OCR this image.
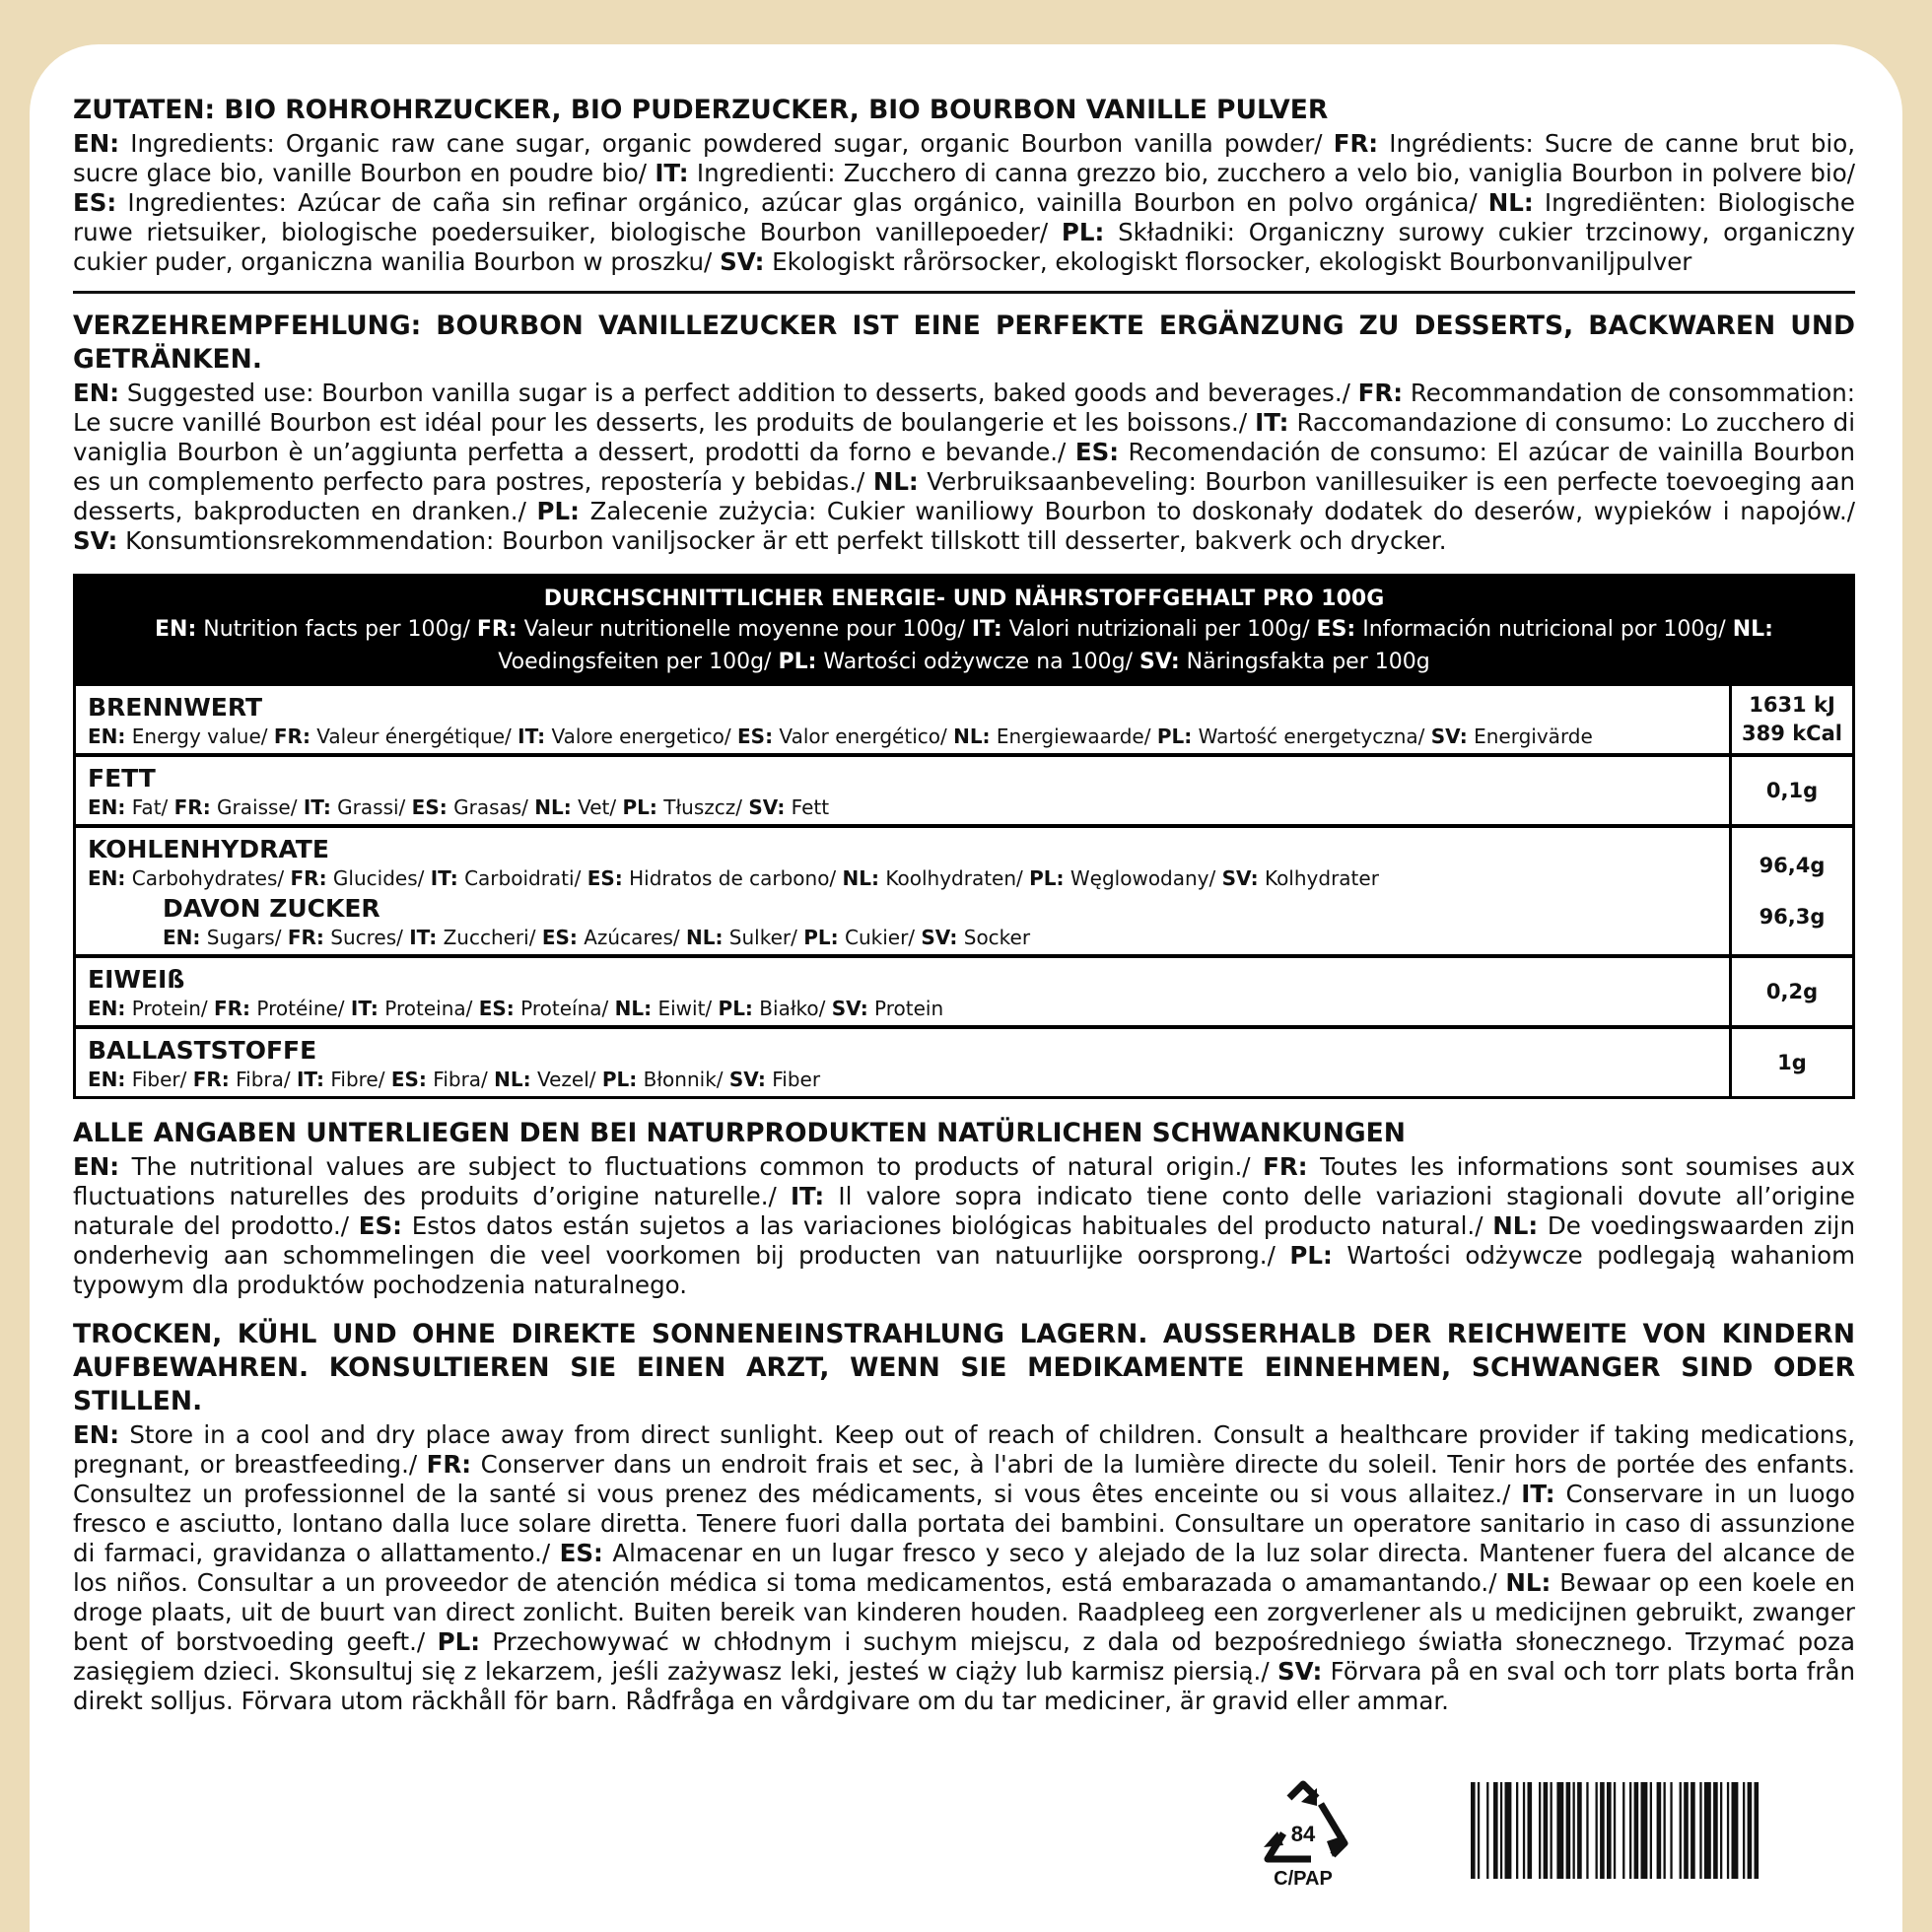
ZUTATEN: BIO ROHROHRZUCKER, BIO PUDERZUCKER, BIO BOURBON VANILLE PULVER
EN: Ingredients: Organic raw cane sugar, organic powdered sugar, organic Bourbon vanilla powder/ FR: Ingrédients: Sucre de canne brut bio, sucre glace bio, vanille Bourbon en poudre bio/ IT: Ingredienti: Zucchero di canna grezzo bio, zucchero a velo bio, vaniglia Bourbon in polvere bio/ ES: Ingredientes: Azúcar de caña sin refinar orgánico, azúcar glas orgánico, vainilla Bourbon en polvo orgánica/ NL: Ingrediënten: Biologische ruwe rietsuiker, biologische poedersuiker, biologische Bourbon vanillepoeder/ PL: Składniki: Organiczny surowy cukier trzcinowy, organiczny cukier puder, organiczna wanilia Bourbon w proszku/ SV: Ekologiskt rårörsocker, ekologiskt florsocker, ekologiskt Bourbonvaniljpulver
VERZEHREMPFEHLUNG: BOURBON VANILLEZUCKER IST EINE PERFEKTE ERGÄNZUNG ZU DESSERTS, BACKWAREN UND GETRÄNKEN.
EN: Suggested use: Bourbon vanilla sugar is a perfect addition to desserts, baked goods and beverages./ FR: Recommandation de consommation: Le sucre vanillé Bourbon est idéal pour les desserts, les produits de boulangerie et les boissons./ IT: Raccomandazione di consumo: Lo zucchero di vaniglia Bourbon è un’aggiunta perfetta a dessert, prodotti da forno e bevande./ ES: Recomendación de consumo: El azúcar de vainilla Bourbon es un complemento perfecto para postres, repostería y bebidas./ NL: Verbruiksaanbeveling: Bourbon vanillesuiker is een perfecte toevoeging aan desserts, bakproducten en dranken./ PL: Zalecenie zużycia: Cukier waniliowy Bourbon to doskonały dodatek do deserów, wypieków i napojów./ SV: Konsumtionsrekommendation: Bourbon vaniljsocker är ett perfekt tillskott till desserter, bakverk och drycker.
DURCHSCHNITTLICHER ENERGIE- UND NÄHRSTOFFGEHALT PRO 100G
EN: Nutrition facts per 100g/ FR: Valeur nutritionelle moyenne pour 100g/ IT: Valori nutrizionali per 100g/ ES: Información nutricional por 100g/ NL: Voedingsfeiten per 100g/ PL: Wartości odżywcze na 100g/ SV: Näringsfakta per 100g
BRENNWERT
EN: Energy value/ FR: Valeur énergétique/ IT: Valore energetico/ ES: Valor energético/ NL: Energiewaarde/ PL: Wartość energetyczna/ SV: Energivärde
1631 kJ
389 kCal
FETT
EN: Fat/ FR: Graisse/ IT: Grassi/ ES: Grasas/ NL: Vet/ PL: Tłuszcz/ SV: Fett
0,1g
KOHLENHYDRATE
EN: Carbohydrates/ FR: Glucides/ IT: Carboidrati/ ES: Hidratos de carbono/ NL: Koolhydraten/ PL: Węglowodany/ SV: Kolhydrater
DAVON ZUCKER
EN: Sugars/ FR: Sucres/ IT: Zuccheri/ ES: Azúcares/ NL: Sulker/ PL: Cukier/ SV: Socker
96,4g
96,3g
EIWEIß
EN: Protein/ FR: Protéine/ IT: Proteina/ ES: Proteína/ NL: Eiwit/ PL: Białko/ SV: Protein
0,2g
BALLASTSTOFFE
EN: Fiber/ FR: Fibra/ IT: Fibre/ ES: Fibra/ NL: Vezel/ PL: Błonnik/ SV: Fiber
1g
ALLE ANGABEN UNTERLIEGEN DEN BEI NATURPRODUKTEN NATÜRLICHEN SCHWANKUNGEN
EN: The nutritional values are subject to fluctuations common to products of natural origin./ FR: Toutes les informations sont soumises aux fluctuations naturelles des produits d’origine naturelle./ IT: Il valore sopra indicato tiene conto delle variazioni stagionali dovute all’origine naturale del prodotto./ ES: Estos datos están sujetos a las variaciones biológicas habituales del producto natural./ NL: De voedingswaarden zijn onderhevig aan schommelingen die veel voorkomen bij producten van natuurlijke oorsprong./ PL: Wartości odżywcze podlegają wahaniom typowym dla produktów pochodzenia naturalnego.
TROCKEN, KÜHL UND OHNE DIREKTE SONNENEINSTRAHLUNG LAGERN. AUSSERHALB DER REICHWEITE VON KINDERN AUFBEWAHREN. KONSULTIEREN SIE EINEN ARZT, WENN SIE MEDIKAMENTE EINNEHMEN, SCHWANGER SIND ODER STILLEN.
EN: Store in a cool and dry place away from direct sunlight. Keep out of reach of children. Consult a healthcare provider if taking medications, pregnant, or breastfeeding./ FR: Conserver dans un endroit frais et sec, à l'abri de la lumière directe du soleil. Tenir hors de portée des enfants. Consultez un professionnel de la santé si vous prenez des médicaments, si vous êtes enceinte ou si vous allaitez./ IT: Conservare in un luogo fresco e asciutto, lontano dalla luce solare diretta. Tenere fuori dalla portata dei bambini. Consultare un operatore sanitario in caso di assunzione di farmaci, gravidanza o allattamento./ ES: Almacenar en un lugar fresco y seco y alejado de la luz solar directa. Mantener fuera del alcance de los niños. Consultar a un proveedor de atención médica si toma medicamentos, está embarazada o amamantando./ NL: Bewaar op een koele en droge plaats, uit de buurt van direct zonlicht. Buiten bereik van kinderen houden. Raadpleeg een zorgverlener als u medicijnen gebruikt, zwanger bent of borstvoeding geeft./ PL: Przechowywać w chłodnym i suchym miejscu, z dala od bezpośredniego światła słonecznego. Trzymać poza zasięgiem dzieci. Skonsultuj się z lekarzem, jeśli zażywasz leki, jesteś w ciąży lub karmisz piersią./ SV: Förvara på en sval och torr plats borta från direkt solljus. Förvara utom räckhåll för barn. Rådfråga en vårdgivare om du tar mediciner, är gravid eller ammar.
84
C/PAP
